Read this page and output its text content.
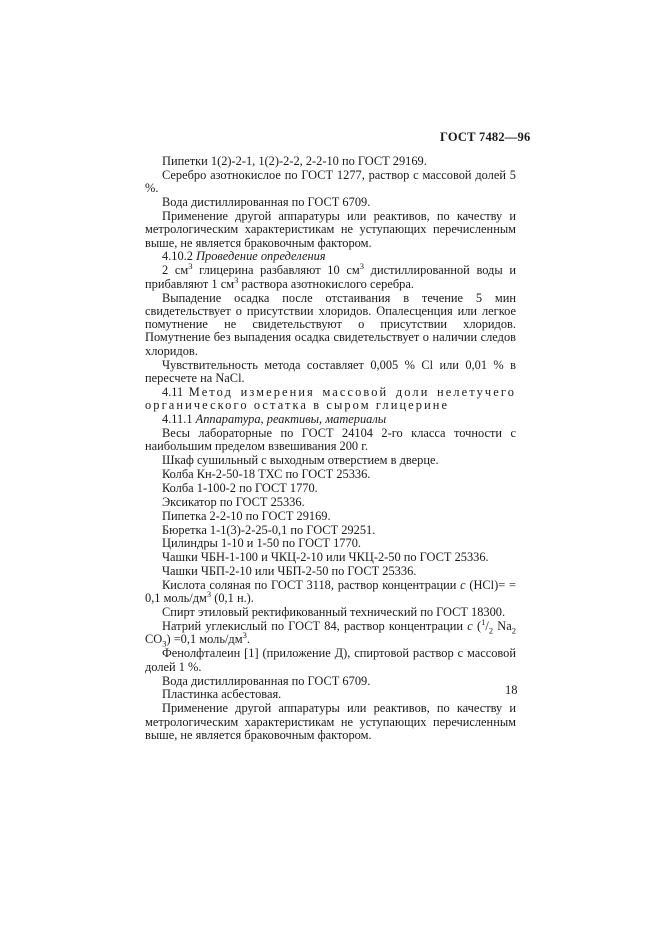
ГОСТ 7482—96
Пипетки 1(2)-2-1, 1(2)-2-2, 2-2-10 по ГОСТ 29169.
Серебро азотнокислое по ГОСТ 1277, раствор с массовой долей 5 %.
Вода дистиллированная по ГОСТ 6709.
Применение другой аппаратуры или реактивов, по качеству и метрологическим характеристикам не уступающих перечисленным выше, не является браковочным фактором.
4.10.2 Проведение определения
2 $см^3$ глицерина разбавляют 10 $см^3$ дистиллированной воды и прибавляют 1 $см^3$ раствора азотнокислого серебра.
Выпадение осадка после отстаивания в течение 5 мин свидетельствует о присутствии хлоридов. Опалесценция или легкое помутнение не свидетельствуют о присутствии хлоридов. Помутнение без выпадения осадка свидетельствует о наличии следов хлоридов.
Чувствительность метода составляет 0,005 % Cl или 0,01 % в пересчете на NaCl.
4.11 Метод измерения массовой доли нелетучего органического остатка в сыром глицерине
4.11.1 Аппаратура, реактивы, материалы
Весы лабораторные по ГОСТ 24104 2-го класса точности с наибольшим пределом взвешивания 200 г.
Шкаф сушильный с выходным отверстием в дверце.
Колба Кн-2-50-18 ТХС по ГОСТ 25336.
Колба 1-100-2 по ГОСТ 1770.
Эксикатор по ГОСТ 25336.
Пипетка 2-2-10 по ГОСТ 29169.
Бюретка 1-1(3)-2-25-0,1 по ГОСТ 29251.
Цилиндры 1-10 и 1-50 по ГОСТ 1770.
Чашки ЧБН-1-100 и ЧКЦ-2-10 или ЧКЦ-2-50 по ГОСТ 25336.
Чашки ЧБП-2-10 или ЧБП-2-50 по ГОСТ 25336.
Кислота соляная по ГОСТ 3118, раствор концентрации c (HCl)= = 0,1 моль/$дм^3$ (0,1 н.).
Спирт этиловый ректификованный технический по ГОСТ 18300.
Натрий углекислый по ГОСТ 84, раствор концентрации c ($^1/_2$ $Na_2$ $CO_3) =0,1$ моль/$дм^3$.
Фенолфталеин [1] (приложение Д), спиртовой раствор с массовой долей 1 %.
Вода дистиллированная по ГОСТ 6709.
Пластинка асбестовая.
Применение другой аппаратуры или реактивов, по качеству и метрологическим характеристикам не уступающих перечисленным выше, не является браковочным фактором.
18
